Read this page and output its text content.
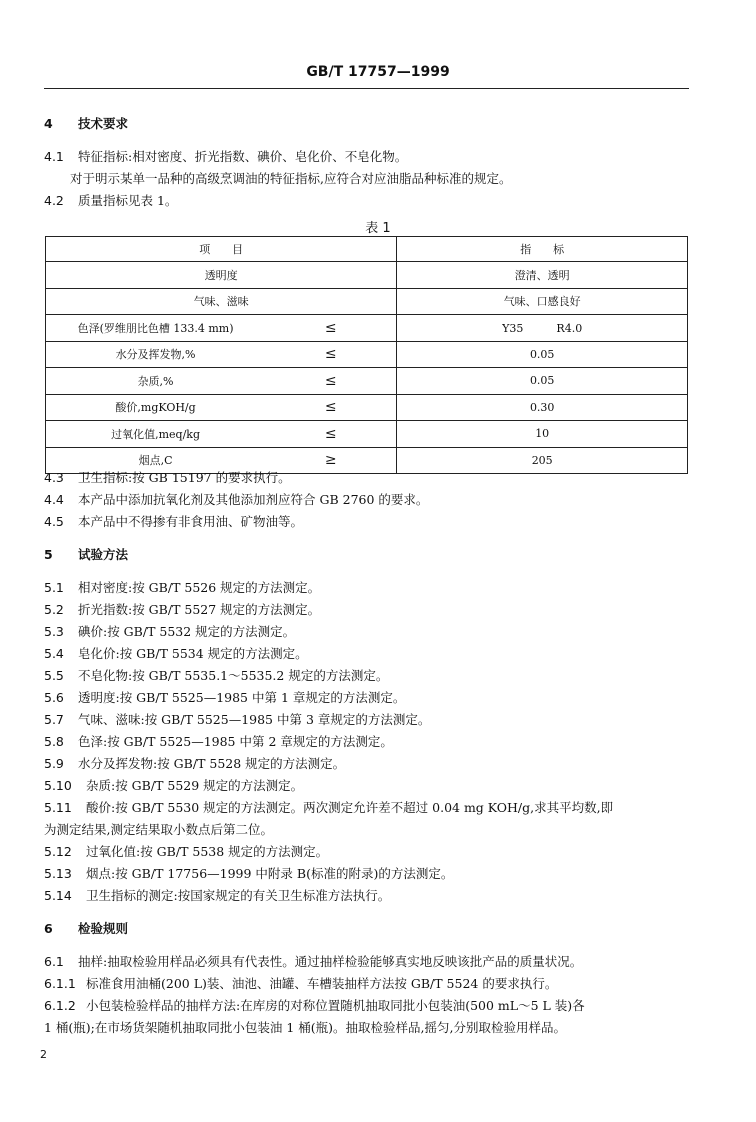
GB/T 17757—1999
4 技术要求
4.1 特征指标:相对密度、折光指数、碘价、皂化价、不皂化物。
对于明示某单一品种的高级烹调油的特征指标,应符合对应油脂品种标准的规定。
4.2 质量指标见表 1。
表 1
项　　目		指　　标
透明度		澄清、透明
气味、滋味		气味、口感良好
色泽(罗维朋比色槽 133.4 mm)	≤	Y35　　　R4.0
水分及挥发物,%	≤	0.05
杂质,%	≤	0.05
酸价,mgKOH/g	≤	0.30
过氧化值,meq/kg	≤	10
烟点,C	≥	205
4.3 卫生指标:按 GB 15197 的要求执行。
4.4 本产品中添加抗氧化剂及其他添加剂应符合 GB 2760 的要求。
4.5 本产品中不得掺有非食用油、矿物油等。
5 试验方法
5.1 相对密度:按 GB/T 5526 规定的方法测定。
5.2 折光指数:按 GB/T 5527 规定的方法测定。
5.3 碘价:按 GB/T 5532 规定的方法测定。
5.4 皂化价:按 GB/T 5534 规定的方法测定。
5.5 不皂化物:按 GB/T 5535.1～5535.2 规定的方法测定。
5.6 透明度:按 GB/T 5525—1985 中第 1 章规定的方法测定。
5.7 气味、滋味:按 GB/T 5525—1985 中第 3 章规定的方法测定。
5.8 色泽:按 GB/T 5525—1985 中第 2 章规定的方法测定。
5.9 水分及挥发物:按 GB/T 5528 规定的方法测定。
5.10 杂质:按 GB/T 5529 规定的方法测定。
5.11 酸价:按 GB/T 5530 规定的方法测定。两次测定允许差不超过 0.04 mg KOH/g,求其平均数,即
为测定结果,测定结果取小数点后第二位。
5.12 过氧化值:按 GB/T 5538 规定的方法测定。
5.13 烟点:按 GB/T 17756—1999 中附录 B(标准的附录)的方法测定。
5.14 卫生指标的测定:按国家规定的有关卫生标准方法执行。
6 检验规则
6.1 抽样:抽取检验用样品必须具有代表性。通过抽样检验能够真实地反映该批产品的质量状况。
6.1.1 标准食用油桶(200 L)装、油池、油罐、车槽装抽样方法按 GB/T 5524 的要求执行。
6.1.2 小包装检验样品的抽样方法:在库房的对称位置随机抽取同批小包装油(500 mL～5 L 装)各
1 桶(瓶);在市场货架随机抽取同批小包装油 1 桶(瓶)。抽取检验样品,摇匀,分别取检验用样品。
2
